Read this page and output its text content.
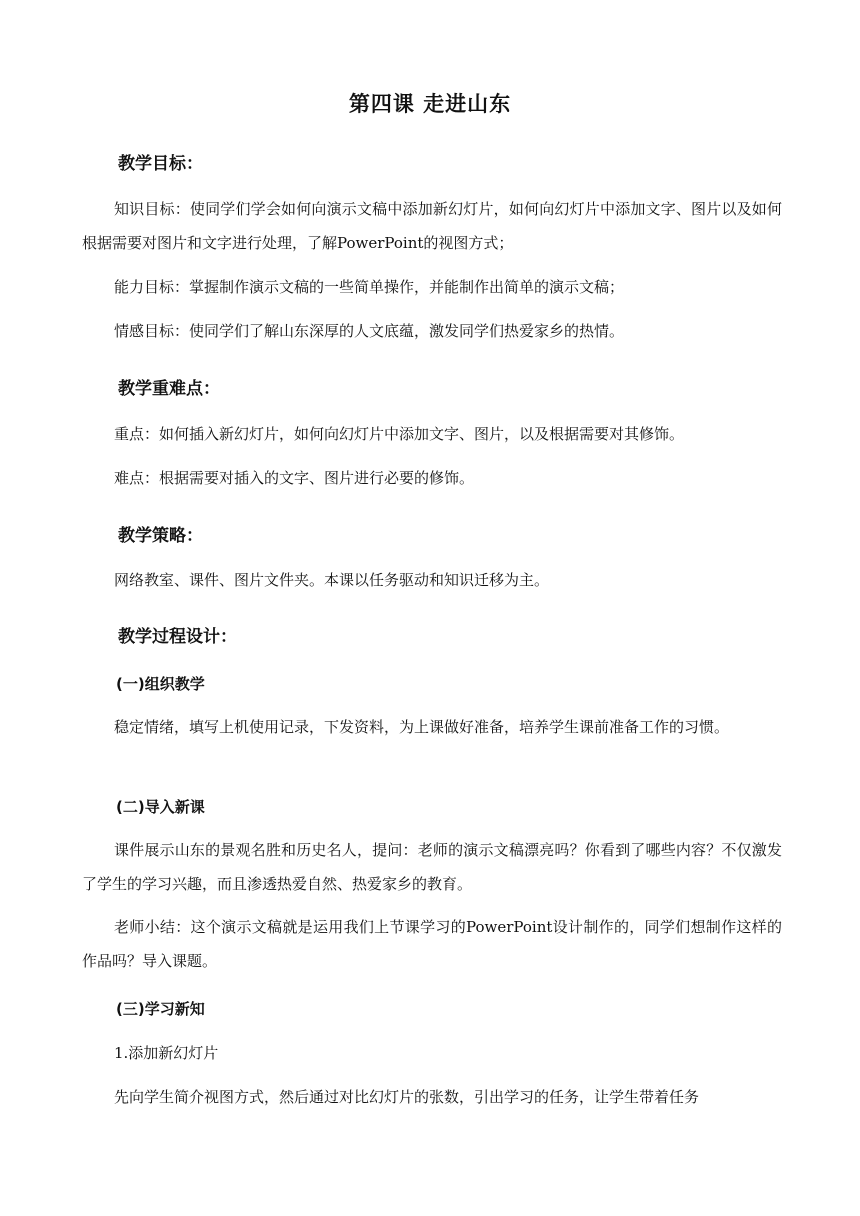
第四课 走进山东
教学目标：
知识目标：使同学们学会如何向演示文稿中添加新幻灯片，如何向幻灯片中添加文字、图片以及如何根据需要对图片和文字进行处理，了解PowerPoint的视图方式；
能力目标：掌握制作演示文稿的一些简单操作，并能制作出简单的演示文稿；
情感目标：使同学们了解山东深厚的人文底蕴，激发同学们热爱家乡的热情。
教学重难点：
重点：如何插入新幻灯片，如何向幻灯片中添加文字、图片，以及根据需要对其修饰。
难点：根据需要对插入的文字、图片进行必要的修饰。
教学策略：
网络教室、课件、图片文件夹。本课以任务驱动和知识迁移为主。
教学过程设计：
(一)组织教学
稳定情绪，填写上机使用记录，下发资料，为上课做好准备，培养学生课前准备工作的习惯。
(二)导入新课
课件展示山东的景观名胜和历史名人，提问：老师的演示文稿漂亮吗？你看到了哪些内容？不仅激发了学生的学习兴趣，而且渗透热爱自然、热爱家乡的教育。
老师小结：这个演示文稿就是运用我们上节课学习的PowerPoint设计制作的，同学们想制作这样的作品吗？导入课题。
(三)学习新知
1.添加新幻灯片
先向学生简介视图方式，然后通过对比幻灯片的张数，引出学习的任务，让学生带着任务
